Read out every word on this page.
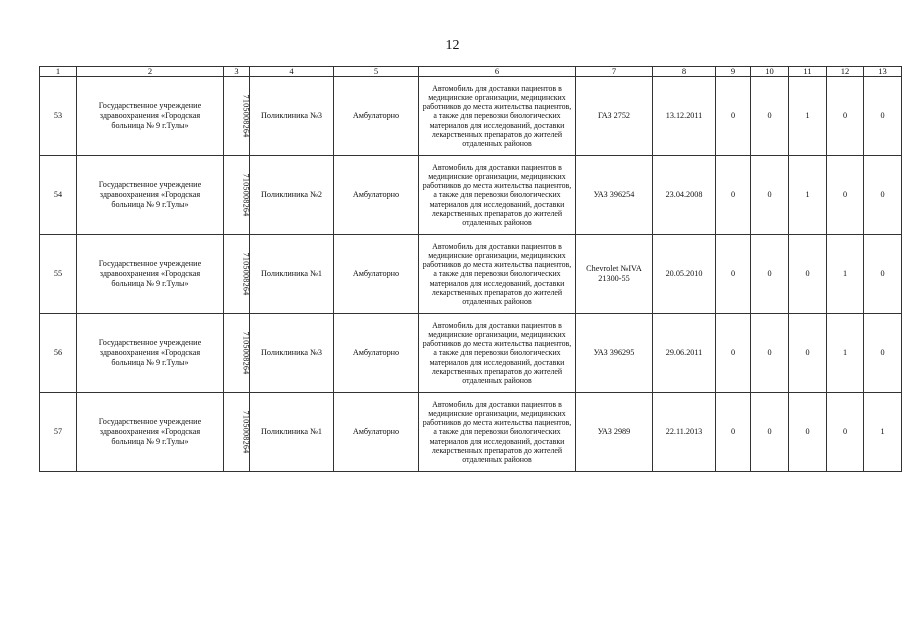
12
1	2	3	4	5	6	7	8	9	10	11	12	13
53	Государственное учреждение здравоохранения «Городская больница № 9 г.Тулы»	7105008264	Поликлиника №3	Амбулаторно	Автомобиль для доставки пациентов в медицинские организации, медицинских работников до места жительства пациентов, а также для перевозки биологических материалов для исследований, доставки лекарственных препаратов до жителей отдаленных районов	ГАЗ 2752	13.12.2011	0	0	1	0	0
54	Государственное учреждение здравоохранения «Городская больница № 9 г.Тулы»	7105008264	Поликлиника №2	Амбулаторно	Автомобиль для доставки пациентов в медицинские организации, медицинских работников до места жительства пациентов, а также для перевозки биологических материалов для исследований, доставки лекарственных препаратов до жителей отдаленных районов	УАЗ 396254	23.04.2008	0	0	1	0	0
55	Государственное учреждение здравоохранения «Городская больница № 9 г.Тулы»	7105008264	Поликлиника №1	Амбулаторно	Автомобиль для доставки пациентов в медицинские организации, медицинских работников до места жительства пациентов, а также для перевозки биологических материалов для исследований, доставки лекарственных препаратов до жителей отдаленных районов	Chevrolet №IVA 21300-55	20.05.2010	0	0	0	1	0
56	Государственное учреждение здравоохранения «Городская больница № 9 г.Тулы»	7105008264	Поликлиника №3	Амбулаторно	Автомобиль для доставки пациентов в медицинские организации, медицинских работников до места жительства пациентов, а также для перевозки биологических материалов для исследований, доставки лекарственных препаратов до жителей отдаленных районов	УАЗ 396295	29.06.2011	0	0	0	1	0
57	Государственное учреждение здравоохранения «Городская больница № 9 г.Тулы»	7105008264	Поликлиника №1	Амбулаторно	Автомобиль для доставки пациентов в медицинские организации, медицинских работников до места жительства пациентов, а также для перевозки биологических материалов для исследований, доставки лекарственных препаратов до жителей отдаленных районов	УАЗ 2989	22.11.2013	0	0	0	0	1
